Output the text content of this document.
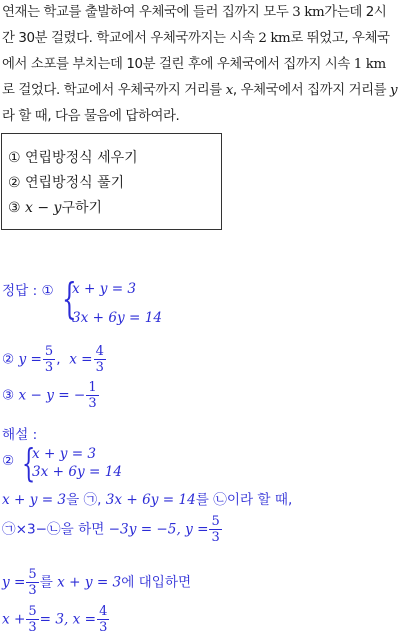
연재는 학교를 출발하여 우체국에 들러 집까지 모두 3 km가는데 2시간 30분 걸렸다. 학교에서 우체국까지는 시속 2 km로 뛰었고, 우체국에서 소포를 부치는데 10분 걸린 후에 우체국에서 집까지 시속 1 km로 걸었다. 학교에서 우체국까지 거리를 x, 우체국에서 집까지 거리를 y라 할 때, 다음 물음에 답하여라.
① 연립방정식 세우기
② 연립방정식 풀기
③ x − y구하기
정답 : ① {
x + y = 3
3x + 6y = 14
② $y = \frac{5}{3}$ , $x = \frac{4}{3}$
③ x − y = − $\frac{1}{3}$
해설 :
② {
x + y = 3
3x + 6y = 14
x + y = 3을 ㉠, 3x + 6y = 14를 ㉡이라 할 때,
㉠×3−㉡을 하면 −3y = −5, $y = \frac{5}{3}$
$y = \frac{5}{3}$ 를 x + y = 3에 대입하면
$x + \frac{5}{3} = 3$, $x = \frac{4}{3}$
